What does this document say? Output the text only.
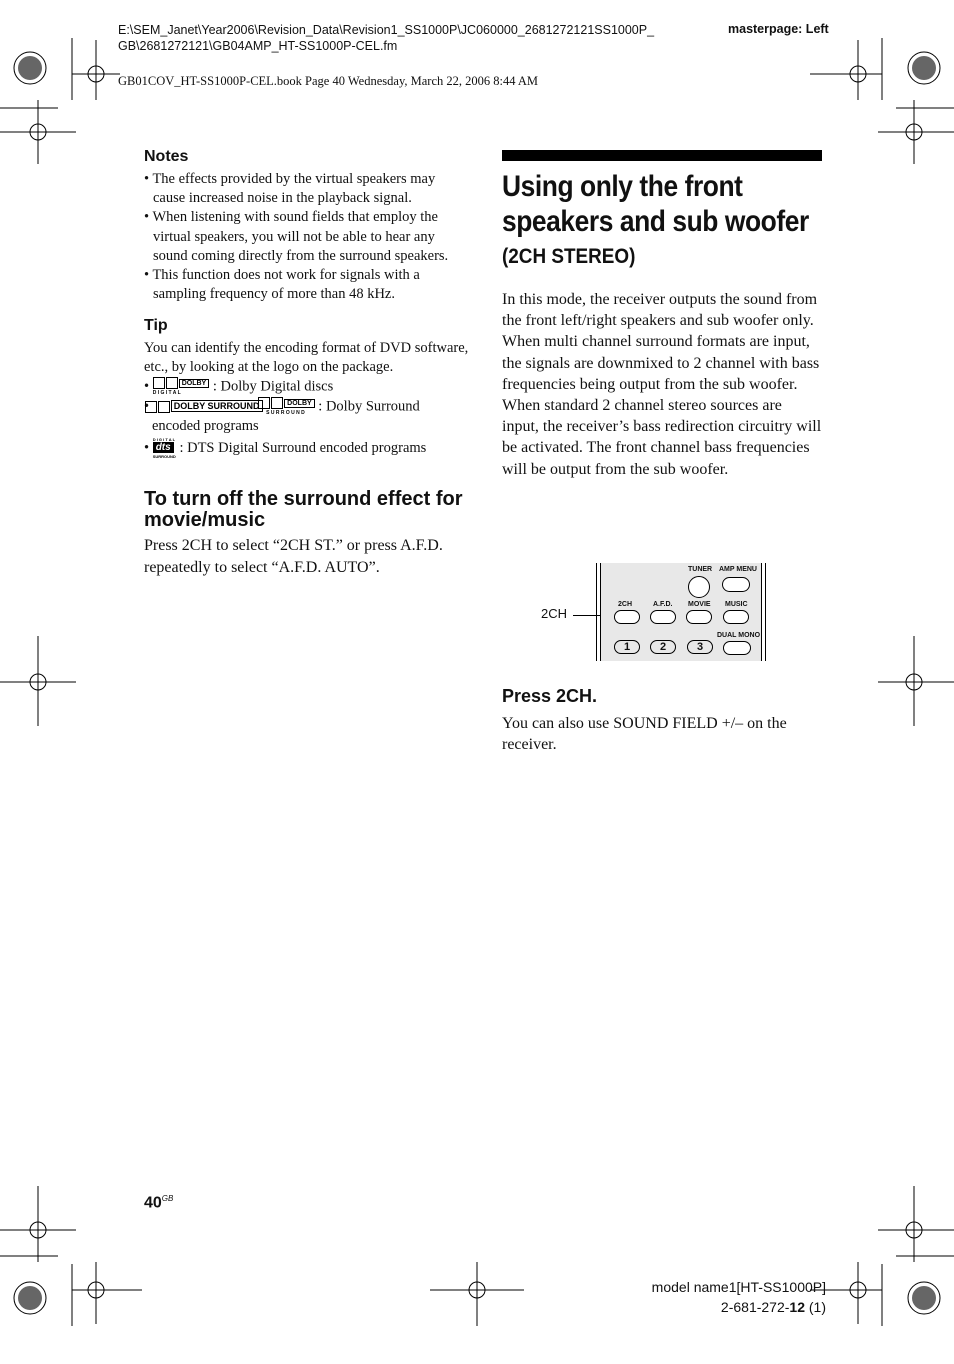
E:\SEM_Janet\Year2006\Revision_Data\Revision1_SS1000P\JC060000_2681272121SS1000P_
GB\2681272121\GB04AMP_HT-SS1000P-CEL.fm
masterpage: Left
GB01COV_HT-SS1000P-CEL.book Page 40 Wednesday, March 22, 2006 8:44 AM
Notes
• The effects provided by the virtual speakers may cause increased noise in the playback signal.
• When listening with sound fields that employ the virtual speakers, you will not be able to hear any sound coming directly from the surround speakers.
• This function does not work for signals with a sampling frequency of more than 48 kHz.
Tip

You can identify the encoding format of DVD software, etc., by looking at the logo on the package.

•	DOLBY
D I G I T A L : Dolby Digital discs
• DOLBY SURROUND	DOLBY
S U R R O U N D : Dolby Surround encoded programs
• D I G I T A L
dts
SURROUND : DTS Digital Surround encoded programs
To turn off the surround effect for movie/music

Press 2CH to select “2CH ST.” or press A.F.D. repeatedly to select “A.F.D. AUTO”.

Using only the front speakers and sub woofer
(2CH STEREO)

In this mode, the receiver outputs the sound from the front left/right speakers and sub woofer only.

When multi channel surround formats are input, the signals are downmixed to 2 channel with bass frequencies being output from the sub woofer.

When standard 2 channel stereo sources are input, the receiver’s bass redirection circuitry will be activated. The front channel bass frequencies will be output from the sub woofer.

2CH
TUNER AMP MENU
2CH	A.F.D. MOVIE MUSIC
DUAL MONO
1	2	3
Press 2CH.

You can also use SOUND FIELD +/– on the receiver.

$40^{GB}$
model name1[HT-SS1000P]
2-681-272-12 (1)
